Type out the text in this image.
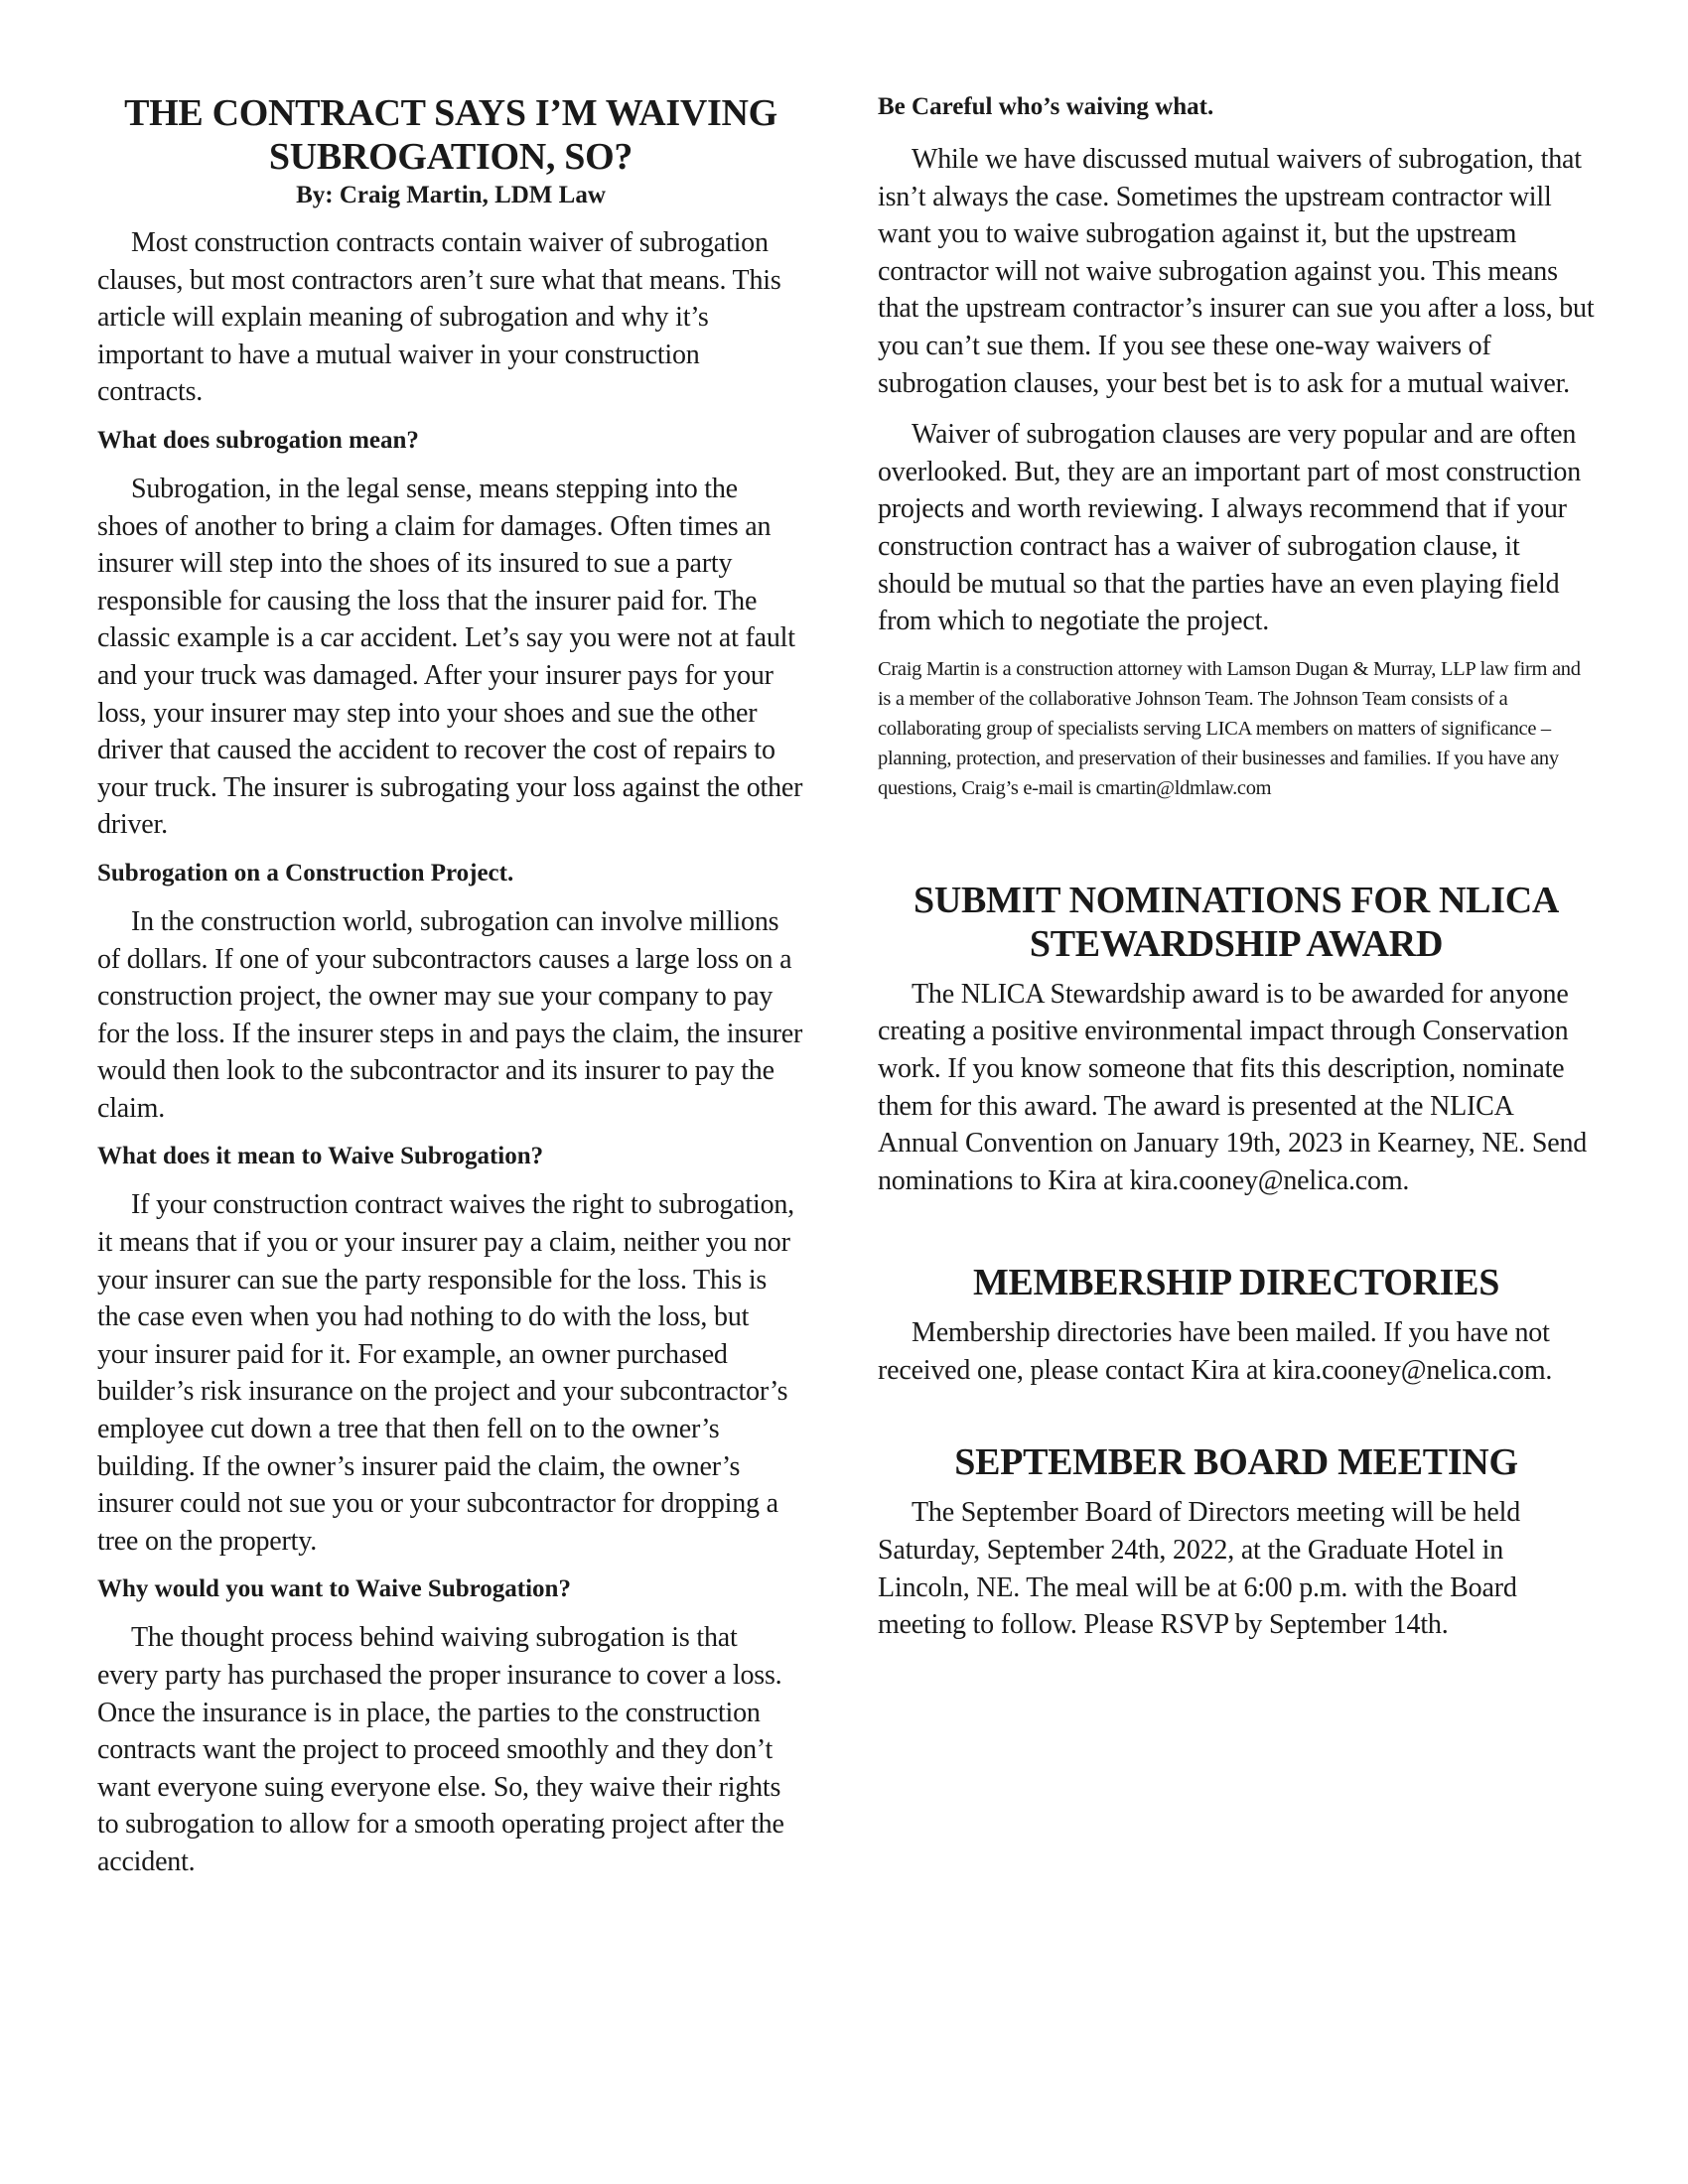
THE CONTRACT SAYS I’M WAIVING SUBROGATION, SO?
By: Craig Martin, LDM Law

Most construction contracts contain waiver of subrogation clauses, but most contractors aren’t sure what that means. This article will explain meaning of subrogation and why it’s important to have a mutual waiver in your construction contracts.

What does subrogation mean?

Subrogation, in the legal sense, means stepping into the shoes of another to bring a claim for damages. Often times an insurer will step into the shoes of its insured to sue a party responsible for causing the loss that the insurer paid for. The classic example is a car accident. Let’s say you were not at fault and your truck was damaged. After your insurer pays for your loss, your insurer may step into your shoes and sue the other driver that caused the accident to recover the cost of repairs to your truck. The insurer is subrogating your loss against the other driver.

Subrogation on a Construction Project.

In the construction world, subrogation can involve millions of dollars. If one of your subcontractors causes a large loss on a construction project, the owner may sue your company to pay for the loss. If the insurer steps in and pays the claim, the insurer would then look to the subcontractor and its insurer to pay the claim.

What does it mean to Waive Subrogation?

If your construction contract waives the right to subrogation, it means that if you or your insurer pay a claim, neither you nor your insurer can sue the party responsible for the loss. This is the case even when you had nothing to do with the loss, but your insurer paid for it. For example, an owner purchased builder’s risk insurance on the project and your subcontractor’s employee cut down a tree that then fell on to the owner’s building. If the owner’s insurer paid the claim, the owner’s insurer could not sue you or your subcontractor for dropping a tree on the property.

Why would you want to Waive Subrogation?

The thought process behind waiving subrogation is that every party has purchased the proper insurance to cover a loss. Once the insurance is in place, the parties to the construction contracts want the project to proceed smoothly and they don’t want everyone suing everyone else. So, they waive their rights to subrogation to allow for a smooth operating project after the accident.

Be Careful who’s waiving what.

While we have discussed mutual waivers of subrogation, that isn’t always the case. Sometimes the upstream contractor will want you to waive subrogation against it, but the upstream contractor will not waive subrogation against you. This means that the upstream contractor’s insurer can sue you after a loss, but you can’t sue them. If you see these one-way waivers of subrogation clauses, your best bet is to ask for a mutual waiver.

Waiver of subrogation clauses are very popular and are often overlooked. But, they are an important part of most construction projects and worth reviewing. I always recommend that if your construction contract has a waiver of subrogation clause, it should be mutual so that the parties have an even playing field from which to negotiate the project.

Craig Martin is a construction attorney with Lamson Dugan & Murray, LLP law firm and is a member of the collaborative Johnson Team. The Johnson Team consists of a collaborating group of specialists serving LICA members on matters of significance – planning, protection, and preservation of their businesses and families. If you have any questions, Craig’s e-mail is cmartin@ldmlaw.com
SUBMIT NOMINATIONS FOR NLICA STEWARDSHIP AWARD

The NLICA Stewardship award is to be awarded for anyone creating a positive environmental impact through Conservation work. If you know someone that fits this description, nominate them for this award. The award is presented at the NLICA Annual Convention on January 19th, 2023 in Kearney, NE. Send nominations to Kira at kira.cooney@nelica.com.

MEMBERSHIP DIRECTORIES

Membership directories have been mailed. If you have not received one, please contact Kira at kira.cooney@nelica.com.

SEPTEMBER BOARD MEETING

The September Board of Directors meeting will be held Saturday, September 24th, 2022, at the Graduate Hotel in Lincoln, NE. The meal will be at 6:00 p.m. with the Board meeting to follow. Please RSVP by September 14th.
